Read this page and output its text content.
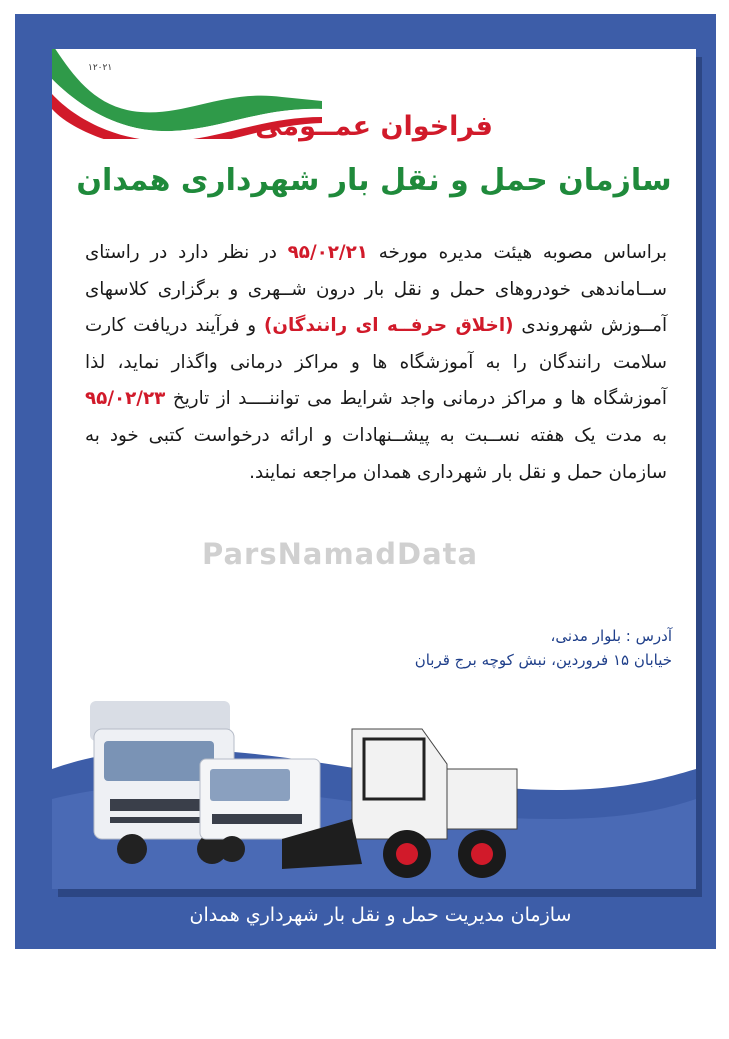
۱۲۰۲۱
فراخوان عمــومی
سازمان حمل و نقل بار شهرداری همدان
براساس مصوبه هیئت مدیره مورخه ۹۵/۰۲/۲۱ در نظر دارد در راستای ســاماندهی خودروهای حمل و نقل بار درون شــهری و برگزاری کلاسهای آمــوزش شهروندی (اخلاق حرفــه ای رانندگان) و فرآیند دریافت کارت سلامت رانندگان را به آموزشگاه ها و مراکز درمانی واگذار نماید، لذا آموزشگاه ها و مراکز درمانی واجد شرایط می تواننــــد از تاریخ ۹۵/۰۲/۲۳ به مدت یک هفته نســبت به پیشــنهادات و ارائه درخواست کتبی خود به سازمان حمل و نقل بار شهرداری همدان مراجعه نمایند.
ParsNamadData
آدرس : بلوار مدنی،
خیابان ۱۵ فروردین، نبش کوچه برج قربان
سازمان مديريت حمل و نقل بار شهرداري همدان
